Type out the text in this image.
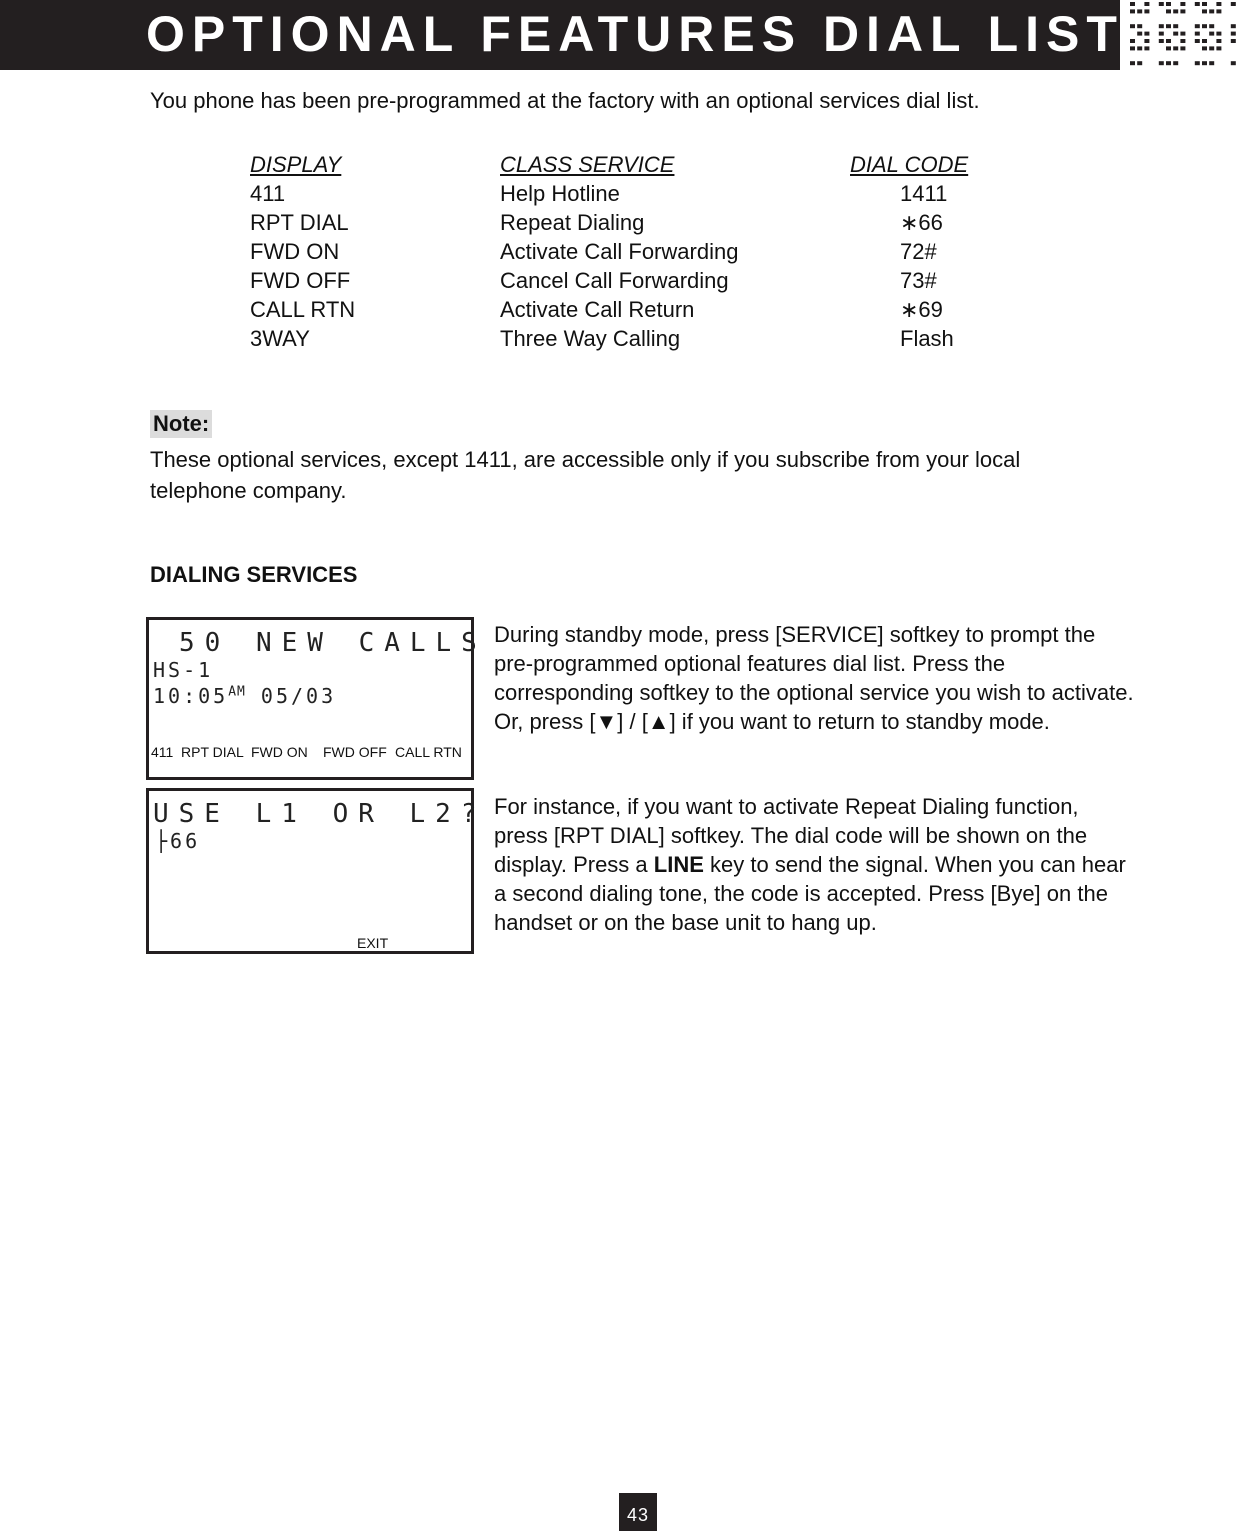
OPTIONAL FEATURES DIAL LIST
You phone has been pre-programmed at the factory with an optional services dial list.
DISPLAY	CLASS SERVICE	DIAL CODE
411	Help Hotline	1411
RPT DIAL	Repeat Dialing	∗66
FWD ON	Activate Call Forwarding	72#
FWD OFF	Cancel Call Forwarding	73#
CALL RTN	Activate Call Return	∗69
3WAY	Three Way Calling	Flash
Note:
These optional services, except 1411, are accessible only if you subscribe from your local telephone company.
DIALING SERVICES
50 NEW CALLS
HS-1
$10:05^{AM}$ 05/03
411 RPT DIAL FWD ON FWD OFF CALL RTN
USE L1 OR L2?
├66
EXIT
During standby mode, press [SERVICE] softkey to prompt the pre-programmed optional features dial list. Press the corresponding softkey to the optional service you wish to activate. Or, press [▼] / [▲] if you want to return to standby mode.
For instance, if you want to activate Repeat Dialing function, press [RPT DIAL] softkey. The dial code will be shown on the display. Press a LINE key to send the signal. When you can hear a second dialing tone, the code is accepted. Press [Bye] on the handset or on the base unit to hang up.
43
